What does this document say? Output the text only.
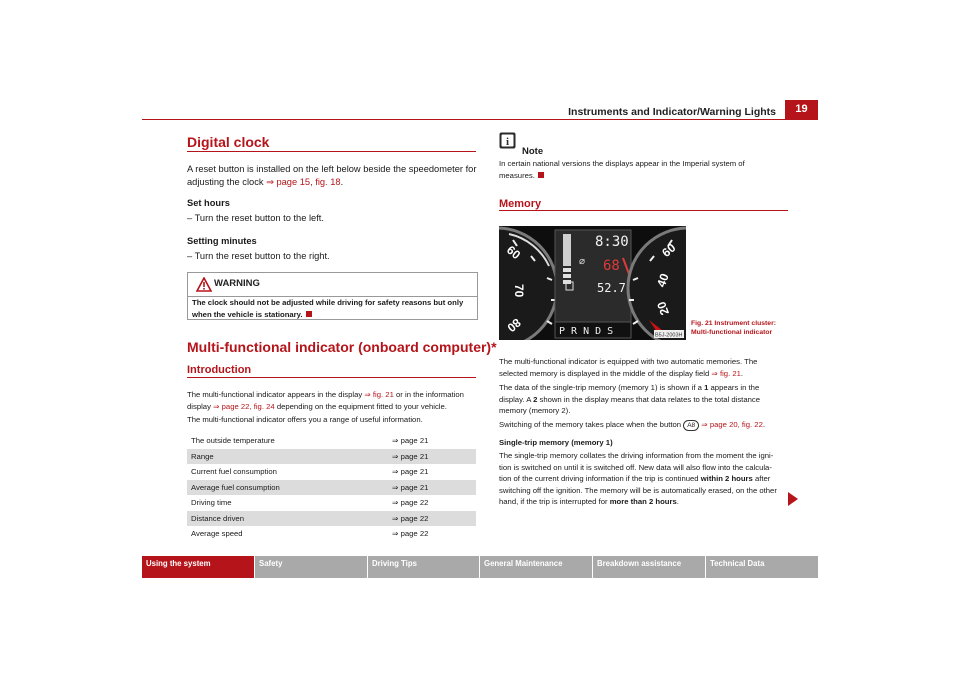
Instruments and Indicator/Warning Lights	19
Digital clock
A reset button is installed on the left below beside the speedometer for
adjusting the clock ⇒ page 15, fig. 18.
Set hours
– Turn the reset button to the left.
Setting minutes
– Turn the reset button to the right.
WARNING
The clock should not be adjusted while driving for safety reasons but only
when the vehicle is stationary.
Multi-functional indicator (onboard computer)*
Introduction
The multi-functional indicator appears in the display ⇒ fig. 21 or in the information
display ⇒ page 22, fig. 24 depending on the equipment fitted to your vehicle.
The multi-functional indicator offers you a range of useful information.
The outside temperature	⇒ page 21
Range	⇒ page 21
Current fuel consumption	⇒ page 21
Average fuel consumption	⇒ page 21
Driving time	⇒ page 22
Distance driven	⇒ page 22
Average speed	⇒ page 22
i
Note
In certain national versions the displays appear in the Imperial system of
measures.
Memory
60
70
80
8:30
⌀ 68
52.7
P R N D S
60
40
20
B5J-2003H
Fig. 21 Instrument cluster:
Multi-functional indicator
The multi-functional indicator is equipped with two automatic memories. The
selected memory is displayed in the middle of the display field ⇒ fig. 21.
The data of the single-trip memory (memory 1) is shown if a 1 appears in the
display. A 2 shown in the display means that data relates to the total distance
memory (memory 2).
Switching of the memory takes place when the button A8 ⇒ page 20, fig. 22.
Single-trip memory (memory 1)
The single-trip memory collates the driving information from the moment the igni-
tion is switched on until it is switched off. New data will also flow into the calcula-
tion of the current driving information if the trip is continued within 2 hours after
switching off the ignition. The memory will be is automatically erased, on the other
hand, if the trip is interrupted for more than 2 hours.
Using the system	Safety	Driving Tips	General Maintenance	Breakdown assistance	Technical Data
